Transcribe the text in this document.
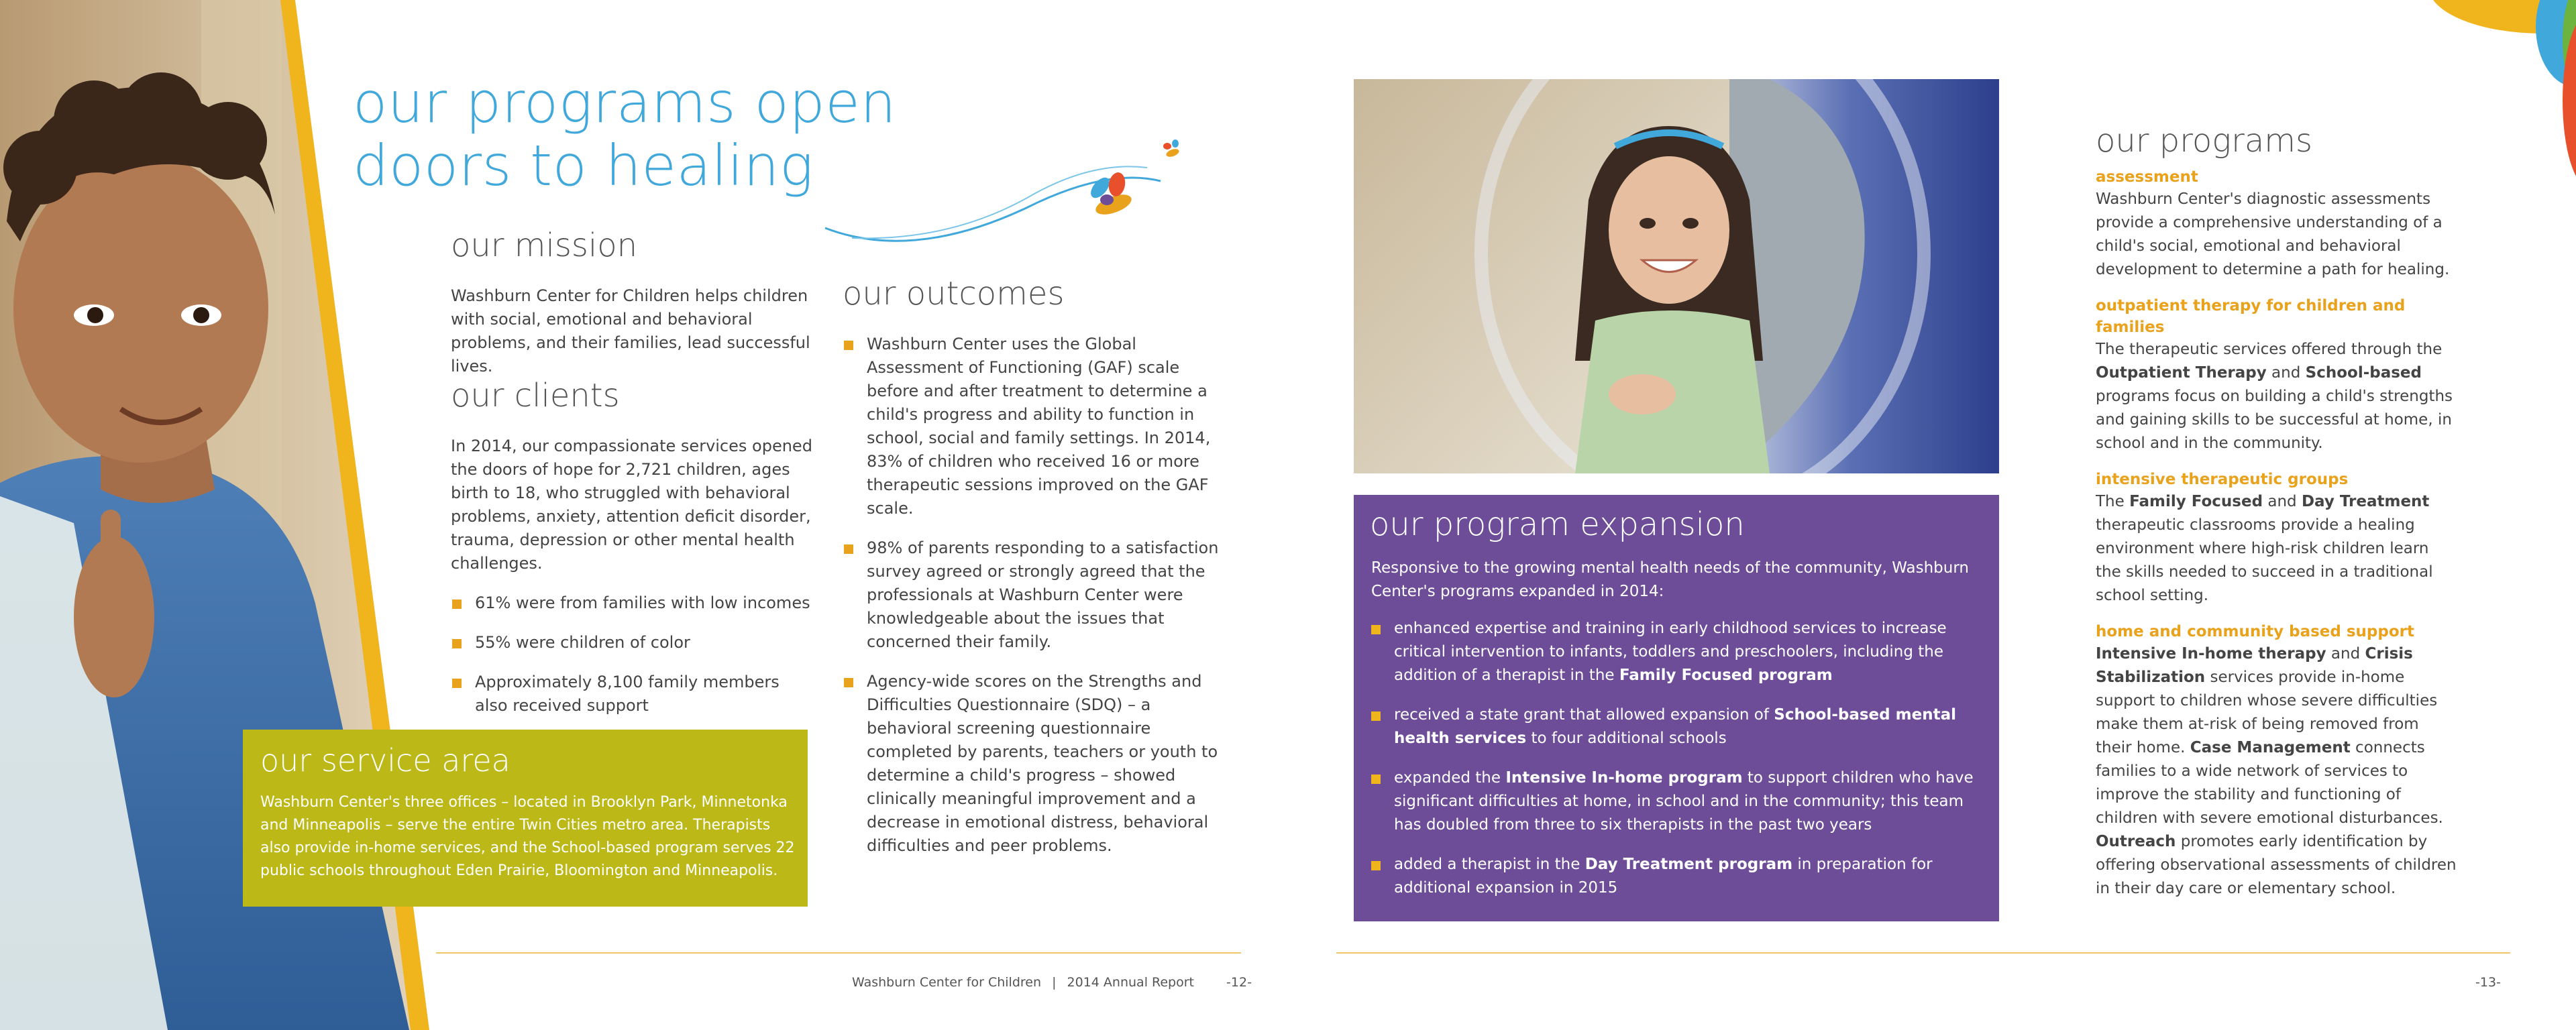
our programs open
doors to healing
our mission
Washburn Center for Children helps children with social, emotional and behavioral problems, and their families, lead successful lives.
our clients
In 2014, our compassionate services opened the doors of hope for 2,721 children, ages birth to 18, who struggled with behavioral problems, anxiety, attention deficit disorder, trauma, depression or other mental health challenges.
61% were from families with low incomes
55% were children of color
Approximately 8,100 family members also received support
our outcomes
Washburn Center uses the Global Assessment of Functioning (GAF) scale before and after treatment to determine a child's progress and ability to function in school, social and family settings. In 2014, 83% of children who received 16 or more therapeutic sessions improved on the GAF scale.
98% of parents responding to a satisfaction survey agreed or strongly agreed that the professionals at Washburn Center were knowledgeable about the issues that concerned their family.
Agency-wide scores on the Strengths and Difficulties Questionnaire (SDQ) – a behavioral screening questionnaire completed by parents, teachers or youth to determine a child's progress – showed clinically meaningful improvement and a decrease in emotional distress, behavioral difficulties and peer problems.
our service area
Washburn Center's three offices – located in Brooklyn Park, Minnetonka and Minneapolis – serve the entire Twin Cities metro area. Therapists also provide in-home services, and the School-based program serves 22 public schools throughout Eden Prairie, Bloomington and Minneapolis.
Washburn Center for Children | 2014 Annual Report	-12-
our program expansion
Responsive to the growing mental health needs of the community, Washburn Center's programs expanded in 2014:
enhanced expertise and training in early childhood services to increase critical intervention to infants, toddlers and preschoolers, including the addition of a therapist in the Family Focused program
received a state grant that allowed expansion of School-based mental health services to four additional schools
expanded the Intensive In-home program to support children who have significant difficulties at home, in school and in the community; this team has doubled from three to six therapists in the past two years
added a therapist in the Day Treatment program in preparation for additional expansion in 2015
our programs
assessment
Washburn Center's diagnostic assessments provide a comprehensive understanding of a child's social, emotional and behavioral development to determine a path for healing.
outpatient therapy for children and families
The therapeutic services offered through the Outpatient Therapy and School-based programs focus on building a child's strengths and gaining skills to be successful at home, in school and in the community.
intensive therapeutic groups
The Family Focused and Day Treatment therapeutic classrooms provide a healing environment where high-risk children learn the skills needed to succeed in a traditional school setting.
home and community based support
Intensive In-home therapy and Crisis Stabilization services provide in-home support to children whose severe difficulties make them at-risk of being removed from their home. Case Management connects families to a wide network of services to improve the stability and functioning of children with severe emotional disturbances. Outreach promotes early identification by offering observational assessments of children in their day care or elementary school.
-13-
